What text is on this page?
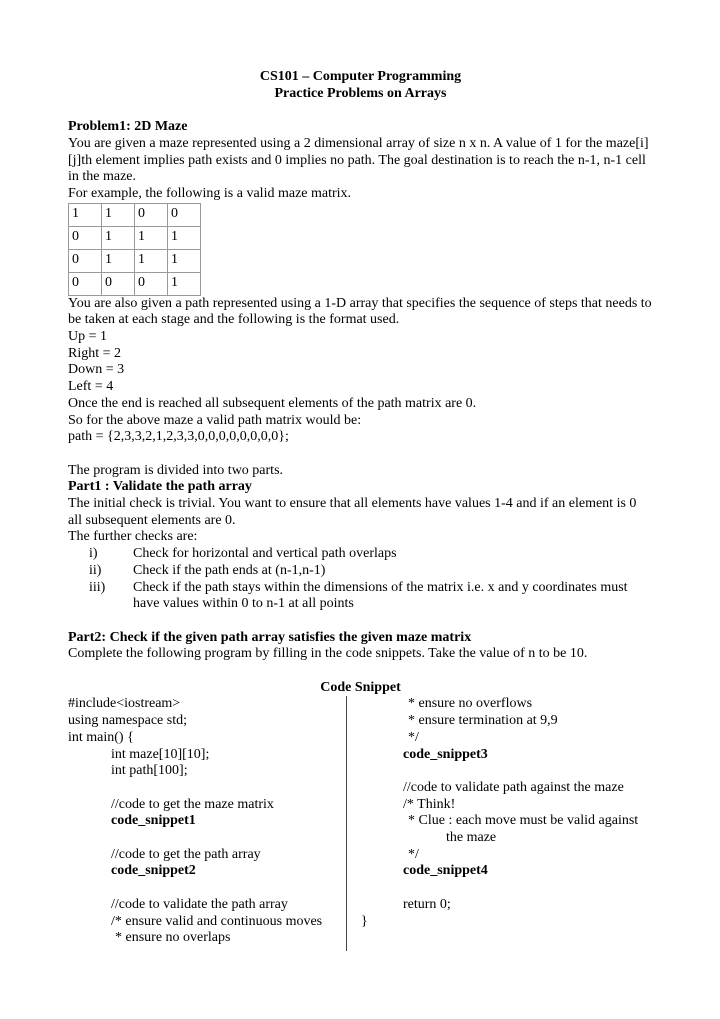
CS101 – Computer Programming

Practice Problems on Arrays

Problem1: 2D Maze

You are given a maze represented using a 2 dimensional array of size n x n. A value of 1 for the maze[i][j]th element implies path exists and 0 implies no path. The goal destination is to reach the n-1, n-1 cell in the maze.

For example, the following is a valid maze matrix.

1	1	0	0
0	1	1	1
0	1	1	1
0	0	0	1

You are also given a path represented using a 1-D array that specifies the sequence of steps that needs to be taken at each stage and the following is the format used.

Up = 1

Right = 2

Down = 3

Left = 4

Once the end is reached all subsequent elements of the path matrix are 0.

So for the above maze a valid path matrix would be:

path = {2,3,3,2,1,2,3,3,0,0,0,0,0,0,0,0};

The program is divided into two parts.

Part1 : Validate the path array

The initial check is trivial. You want to ensure that all elements have values 1-4 and if an element is 0 all subsequent elements are 0.

The further checks are:

i)	Check for horizontal and vertical path overlaps
ii)	Check if the path ends at (n-1,n-1)
iii)	Check if the path stays within the dimensions of the matrix i.e. x and y coordinates must have values within 0 to n-1 at all points

Part2: Check if the given path array satisfies the given maze matrix

Complete the following program by filling in the code snippets. Take the value of n to be 10.

Code Snippet

#include<iostream>

using namespace std;

int main() {

int maze[10][10];

int path[100];

//code to get the maze matrix

code_snippet1

//code to get the path array

code_snippet2

//code to validate the path array

/* ensure valid and continuous moves

* ensure no overlaps

* ensure no overflows

* ensure termination at 9,9

*/

code_snippet3

//code to validate path against the maze

/* Think!

* Clue : each move must be valid against

the maze

*/

code_snippet4

return 0;

}
